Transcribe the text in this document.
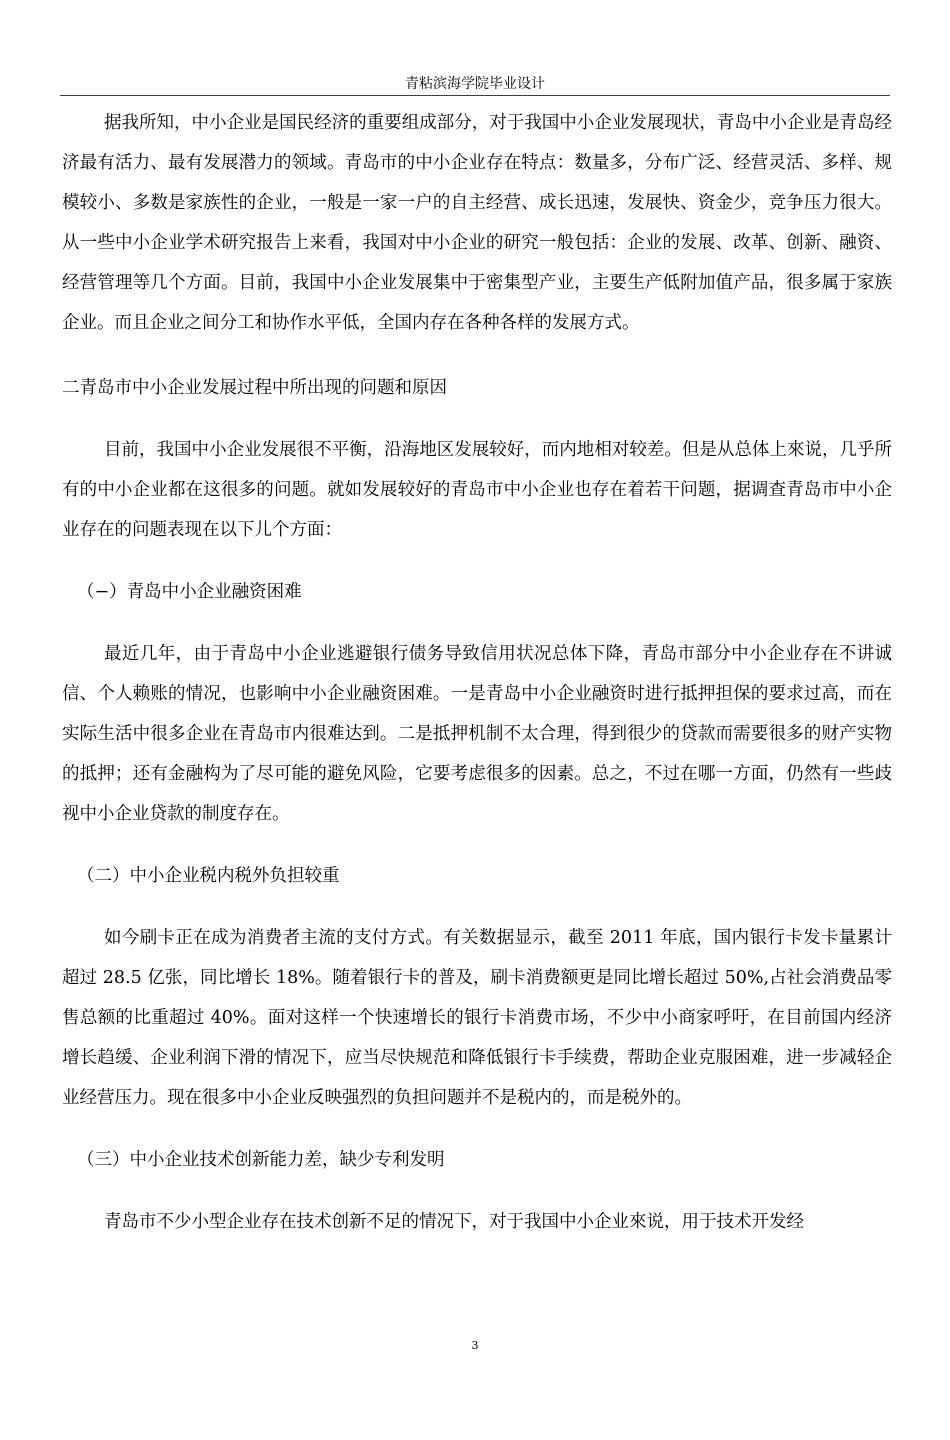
青粘滨海学院毕业设计

据我所知，中小企业是国民经济的重要组成部分，对于我国中小企业发展现状，青岛中小企业是青岛经济最有活力、最有发展潜力的领域。青岛市的中小企业存在特点：数量多，分布广泛、经营灵活、多样、规模较小、多数是家族性的企业，一般是一家一户的自主经营、成长迅速，发展快、资金少，竞争压力很大。从一些中小企业学术研究报告上来看，我国对中小企业的研究一般包括：企业的发展、改革、创新、融资、经营管理等几个方面。目前，我国中小企业发展集中于密集型产业，主要生产低附加值产品，很多属于家族企业。而且企业之间分工和协作水平低，全国内存在各种各样的发展方式。

二青岛市中小企业发展过程中所出现的问题和原因

目前，我国中小企业发展很不平衡，沿海地区发展较好，而内地相对较差。但是从总体上來说，几乎所有的中小企业都在这很多的问题。就如发展较好的青岛市中小企业也存在着若干问题，据调查青岛市中小企业存在的问题表现在以下儿个方面：

（−）青岛中小企业融资困难

最近几年，由于青岛中小企业逃避银行债务导致信用状况总体下降，青岛市部分中小企业存在不讲诚信、个人赖账的情况，也影响中小企业融资困难。一是青岛中小企业融资时进行抵押担保的要求过高，而在实际生活中很多企业在青岛市内很难达到。二是抵押机制不太合理，得到很少的贷款而需要很多的财产实物的抵押；还有金融构为了尽可能的避免风险，它要考虑很多的因素。总之，不过在哪一方面，仍然有一些歧视中小企业贷款的制度存在。

（二）中小企业税内税外负担较重

如今刷卡正在成为消费者主流的支付方式。有关数据显示，截至 2011 年底，国内银行卡发卡量累计超过 28.5 亿张，同比增长 18%。随着银行卡的普及，刷卡消费额更是同比增长超过 50%,占社会消费品零售总额的比重超过 40%。面对这样一个快速增长的银行卡消费市场，不少中小商家呼吁，在目前国内经济增长趋缓、企业利润下滑的情况下，应当尽快规范和降低银行卡手续费，帮助企业克服困难，进一步减轻企业经营压力。现在很多中小企业反映强烈的负担问题并不是税内的，而是税外的。

（三）中小企业技术创新能力差，缺少专利发明

青岛市不少小型企业存在技术创新不足的情况下，对于我国中小企业來说，用于技术开发经

3
